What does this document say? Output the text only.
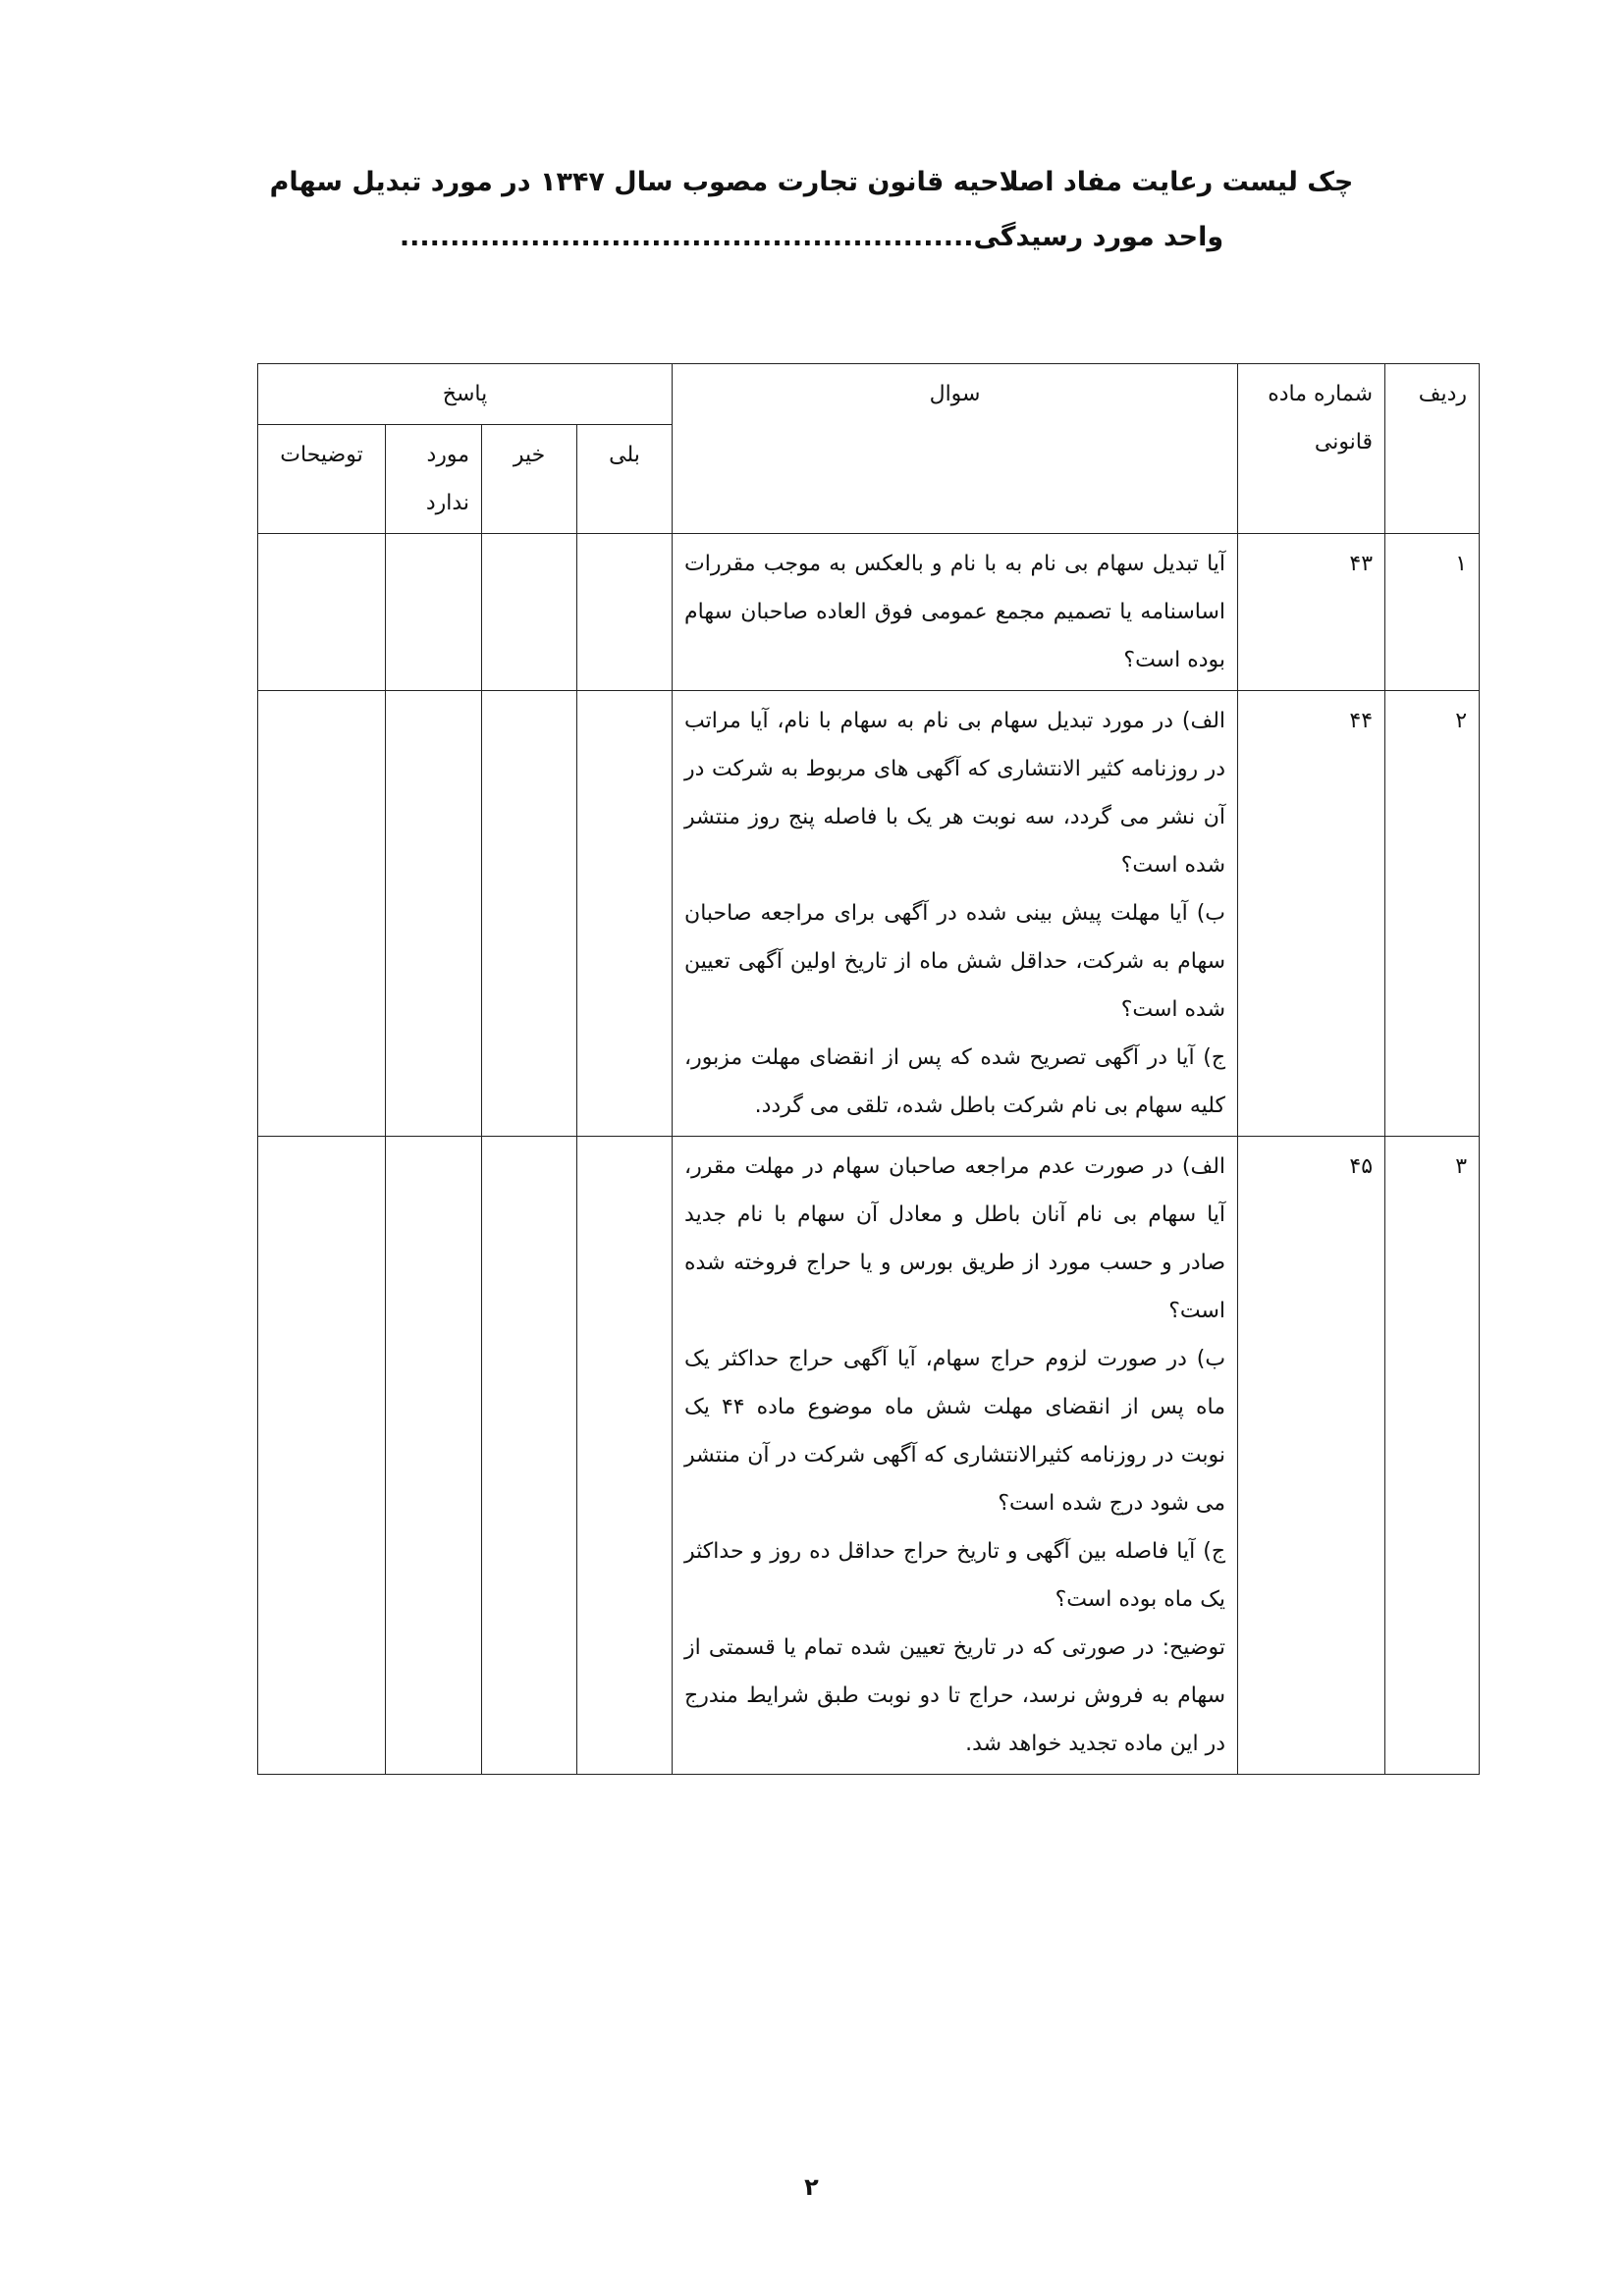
چک لیست رعایت مفاد اصلاحیه قانون تجارت مصوب سال ۱۳۴۷ در مورد تبدیل سهام
واحد مورد رسیدگی.........................................................
ردیف	شماره ماده قانونی	سوال	پاسخ			
			بلی	خیر	مورد ندارد	توضیحات
۱	۴۳	آیا تبدیل سهام بی نام به با نام و بالعکس به موجب مقررات اساسنامه یا تصمیم مجمع عمومی فوق العاده صاحبان سهام بوده است؟				

۲	۴۴	الف) در مورد تبدیل سهام بی نام به سهام با نام، آیا مراتب در روزنامه کثیر الانتشاری که آگهی های مربوط به شرکت در آن نشر می گردد، سه نوبت هر یک با فاصله پنج روز منتشر شده است؟
ب) آیا مهلت پیش بینی شده در آگهی برای مراجعه صاحبان سهام به شرکت، حداقل شش ماه از تاریخ اولین آگهی تعیین شده است؟
ج) آیا در آگهی تصریح شده که پس از انقضای مهلت مزبور، کلیه سهام بی نام شرکت باطل شده، تلقی می گردد.				

۳	۴۵	الف) در صورت عدم مراجعه صاحبان سهام در مهلت مقرر، آیا سهام بی نام آنان باطل و معادل آن سهام با نام جدید صادر و حسب مورد از طریق بورس و یا حراج فروخته شده است؟
ب) در صورت لزوم حراج سهام، آیا آگهی حراج حداکثر یک ماه پس از انقضای مهلت شش ماه موضوع ماده ۴۴ یک نوبت در روزنامه کثیرالانتشاری که آگهی شرکت در آن منتشر می شود درج شده است؟
ج) آیا فاصله بین آگهی و تاریخ حراج حداقل ده روز و حداکثر یک ماه بوده است؟
توضیح: در صورتی که در تاریخ تعیین شده تمام یا قسمتی از سهام به فروش نرسد، حراج تا دو نوبت طبق شرایط مندرج در این ماده تجدید خواهد شد.				

۲
